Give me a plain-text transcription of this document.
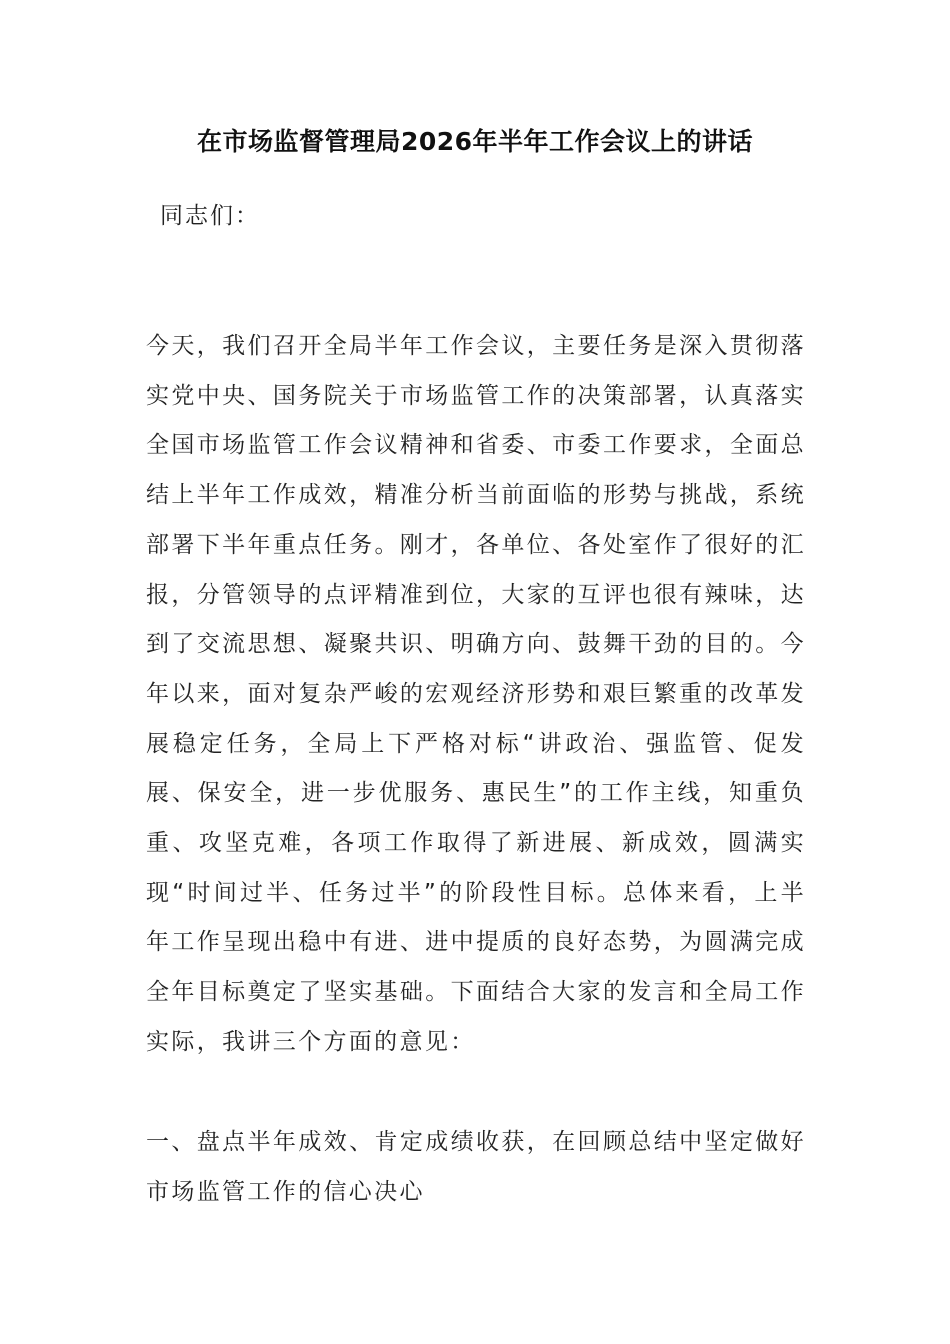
在市场监督管理局2026年半年工作会议上的讲话
同志们：
今天，我们召开全局半年工作会议，主要任务是深入贯彻落实党中央、国务院关于市场监管工作的决策部署，认真落实全国市场监管工作会议精神和省委、市委工作要求，全面总结上半年工作成效，精准分析当前面临的形势与挑战，系统部署下半年重点任务。刚才，各单位、各处室作了很好的汇报，分管领导的点评精准到位，大家的互评也很有辣味，达到了交流思想、凝聚共识、明确方向、鼓舞干劲的目的。今年以来，面对复杂严峻的宏观经济形势和艰巨繁重的改革发展稳定任务，全局上下严格对标“讲政治、强监管、促发展、保安全，进一步优服务、惠民生”的工作主线，知重负重、攻坚克难，各项工作取得了新进展、新成效，圆满实现“时间过半、任务过半”的阶段性目标。总体来看，上半年工作呈现出稳中有进、进中提质的良好态势，为圆满完成全年目标奠定了坚实基础。下面结合大家的发言和全局工作实际，我讲三个方面的意见：
一、盘点半年成效、肯定成绩收获，在回顾总结中坚定做好市场监管工作的信心决心
